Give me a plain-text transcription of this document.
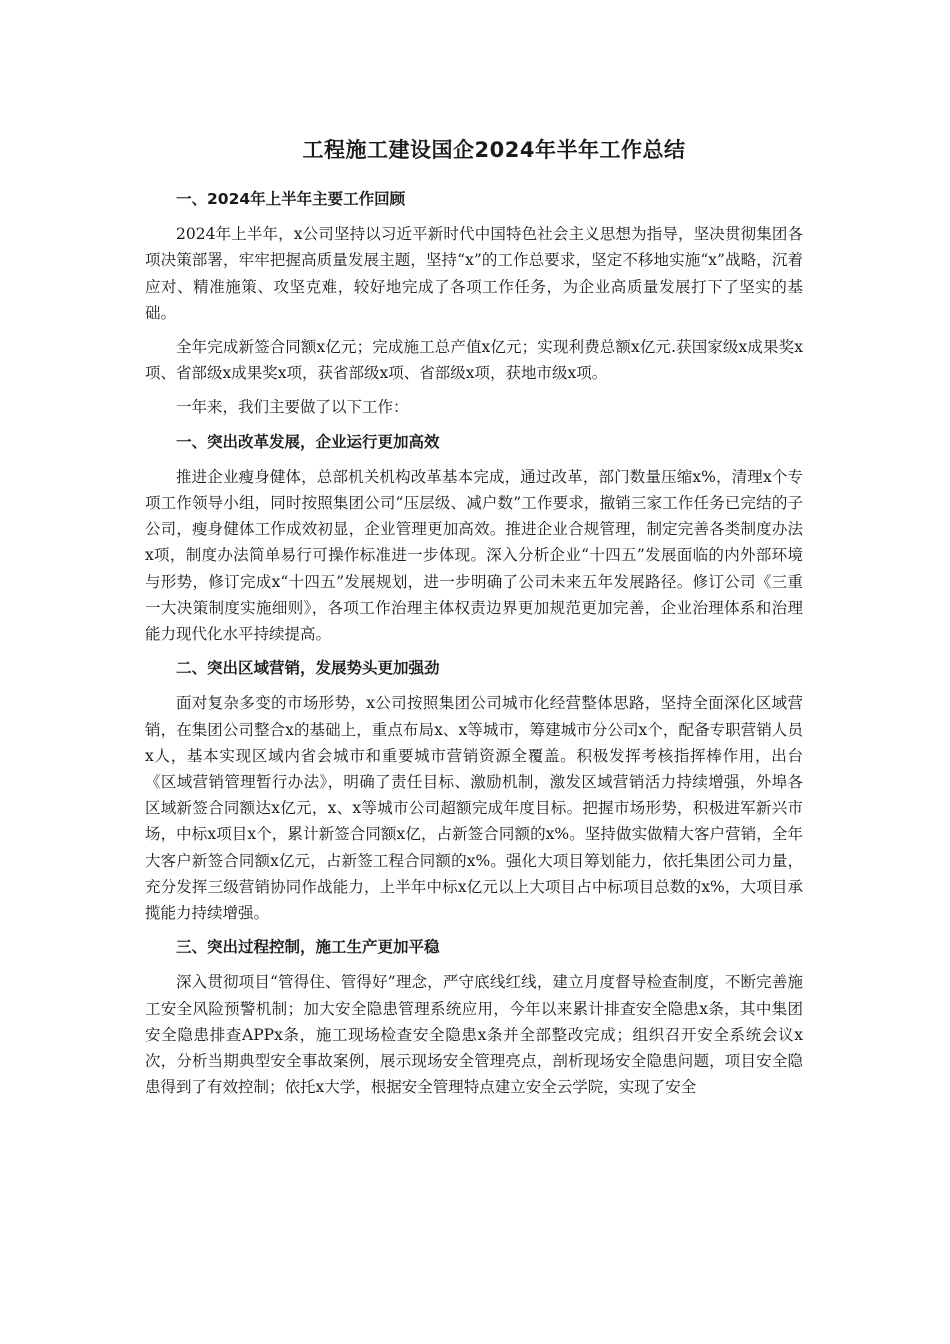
工程施工建设国企2024年半年工作总结
一、2024年上半年主要工作回顾

2024年上半年，x公司坚持以习近平新时代中国特色社会主义思想为指导，坚决贯彻集团各项决策部署，牢牢把握高质量发展主题，坚持“x”的工作总要求，坚定不移地实施“x”战略，沉着应对、精准施策、攻坚克难，较好地完成了各项工作任务，为企业高质量发展打下了坚实的基础。

全年完成新签合同额x亿元；完成施工总产值x亿元；实现利费总额x亿元.获国家级x成果奖x项、省部级x成果奖x项，获省部级x项、省部级x项，获地市级x项。

一年来，我们主要做了以下工作：

一、突出改革发展，企业运行更加高效

推进企业瘦身健体，总部机关机构改革基本完成，通过改革，部门数量压缩x%，清理x个专项工作领导小组，同时按照集团公司“压层级、减户数”工作要求，撤销三家工作任务已完结的子公司，瘦身健体工作成效初显，企业管理更加高效。推进企业合规管理，制定完善各类制度办法x项，制度办法简单易行可操作标准进一步体现。深入分析企业“十四五”发展面临的内外部环境与形势，修订完成x“十四五”发展规划，进一步明确了公司未来五年发展路径。修订公司《三重一大决策制度实施细则》，各项工作治理主体权责边界更加规范更加完善，企业治理体系和治理能力现代化水平持续提高。

二、突出区域营销，发展势头更加强劲

面对复杂多变的市场形势，x公司按照集团公司城市化经营整体思路，坚持全面深化区域营销，在集团公司整合x的基础上，重点布局x、x等城市，筹建城市分公司x个，配备专职营销人员x人，基本实现区域内省会城市和重要城市营销资源全覆盖。积极发挥考核指挥棒作用，出台《区域营销管理暂行办法》，明确了责任目标、激励机制，激发区域营销活力持续增强，外埠各区域新签合同额达x亿元，x、x等城市公司超额完成年度目标。把握市场形势，积极进军新兴市场，中标x项目x个，累计新签合同额x亿，占新签合同额的x%。坚持做实做精大客户营销，全年大客户新签合同额x亿元，占新签工程合同额的x%。强化大项目筹划能力，依托集团公司力量，充分发挥三级营销协同作战能力，上半年中标x亿元以上大项目占中标项目总数的x%，大项目承揽能力持续增强。

三、突出过程控制，施工生产更加平稳

深入贯彻项目“管得住、管得好”理念，严守底线红线，建立月度督导检查制度，不断完善施工安全风险预警机制；加大安全隐患管理系统应用，今年以来累计排查安全隐患x条，其中集团安全隐患排查APPx条，施工现场检查安全隐患x条并全部整改完成；组织召开安全系统会议x次，分析当期典型安全事故案例，展示现场安全管理亮点，剖析现场安全隐患问题，项目安全隐患得到了有效控制；依托x大学，根据安全管理特点建立安全云学院，实现了安全
